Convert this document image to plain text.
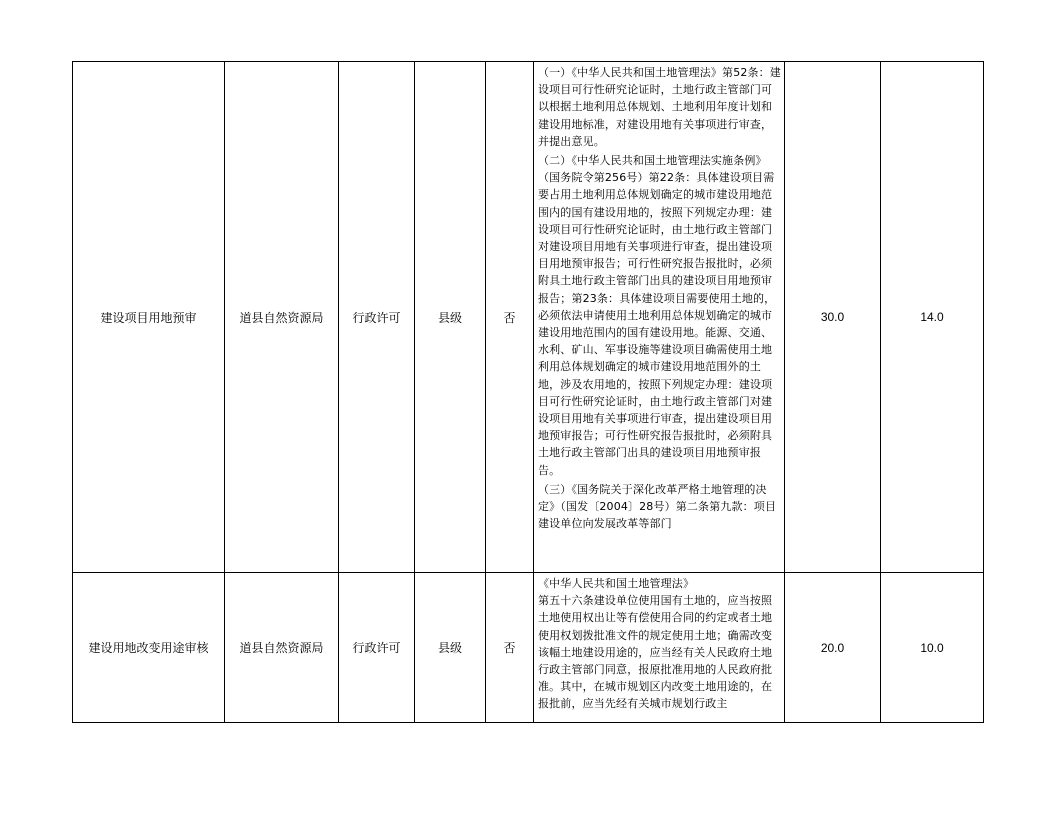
建设项目用地预审	道县自然资源局	行政许可	县级	否	（一）《中华人民共和国土地管理法》第52条：建设项目可行性研究论证时，土地行政主管部门可以根据土地利用总体规划、土地利用年度计划和建设用地标准，对建设用地有关事项进行审查，并提出意见。

（二）《中华人民共和国土地管理法实施条例》（国务院令第256号）第22条：具体建设项目需要占用土地利用总体规划确定的城市建设用地范围内的国有建设用地的，按照下列规定办理：建设项目可行性研究论证时，由土地行政主管部门对建设项目用地有关事项进行审查，提出建设项目用地预审报告；可行性研究报告报批时，必须附具土地行政主管部门出具的建设项目用地预审报告；第23条：具体建设项目需要使用土地的，必须依法申请使用土地利用总体规划确定的城市建设用地范围内的国有建设用地。能源、交通、水利、矿山、军事设施等建设项目确需使用土地利用总体规划确定的城市建设用地范围外的土地，涉及农用地的，按照下列规定办理：建设项目可行性研究论证时，由土地行政主管部门对建设项目用地有关事项进行审查，提出建设项目用地预审报告；可行性研究报告报批时，必须附具土地行政主管部门出具的建设项目用地预审报告。

（三）《国务院关于深化改革严格土地管理的决定》（国发〔2004〕28号）第二条第九款：项目建设单位向发展改革等部门	30.0	14.0
建设用地改变用途审核	道县自然资源局	行政许可	县级	否	《中华人民共和国土地管理法》

第五十六条建设单位使用国有土地的，应当按照土地使用权出让等有偿使用合同的约定或者土地使用权划拨批准文件的规定使用土地；确需改变该幅土地建设用途的，应当经有关人民政府土地行政主管部门同意，报原批准用地的人民政府批准。其中，在城市规划区内改变土地用途的，在报批前，应当先经有关城市规划行政主	20.0	10.0
